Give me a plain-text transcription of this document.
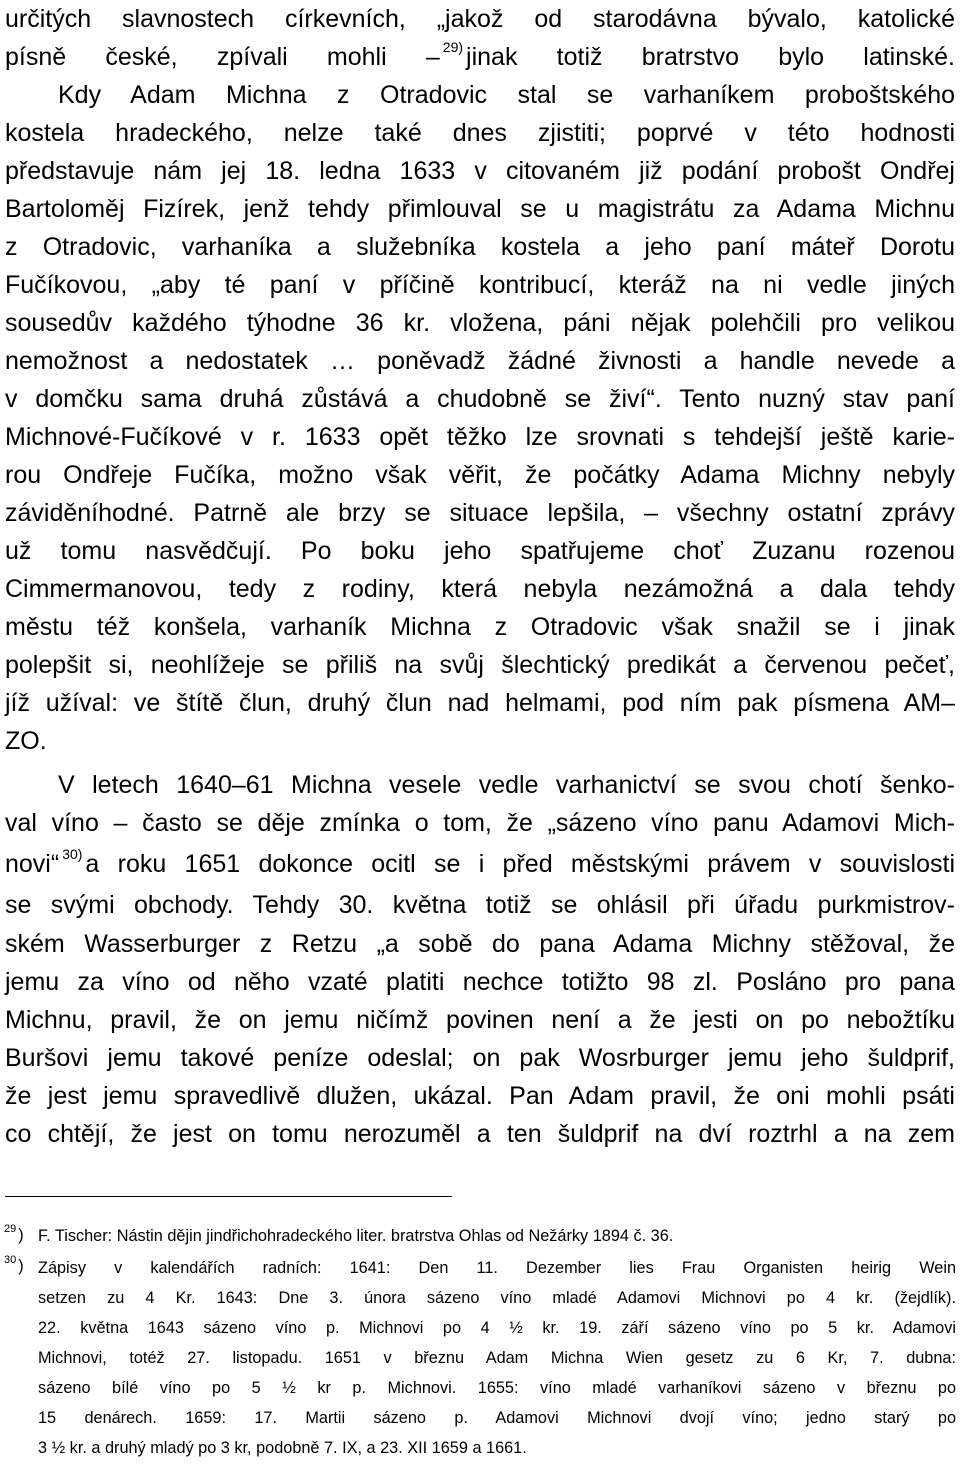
určitých slavnostech církevních, „jakož od starodávna bývalo, katolické
písně české, zpívali mohli – $^{29)}$ jinak totiž bratrstvo bylo latinské.
Kdy Adam Michna z Otradovic stal se varhaníkem proboštského
kostela hradeckého, nelze také dnes zjistiti; poprvé v této hodnosti
představuje nám jej 18. ledna 1633 v citovaném již podání probošt Ondřej
Bartoloměj Fizírek, jenž tehdy přimlouval se u magistrátu za Adama Michnu
z Otradovic, varhaníka a služebníka kostela a jeho paní máteř Dorotu
Fučíkovou, „aby té paní v příčině kontribucí, kteráž na ni vedle jiných
sousedův každého týhodne 36 kr. vložena, páni nějak polehčili pro velikou
nemožnost a nedostatek … poněvadž žádné živnosti a handle nevede a
v domčku sama druhá zůstává a chudobně se živí“. Tento nuzný stav paní
Michnové-Fučíkové v r. 1633 opět těžko lze srovnati s tehdejší ještě karie-
rou Ondřeje Fučíka, možno však věřit, že počátky Adama Michny nebyly
záviděníhodné. Patrně ale brzy se situace lepšila, – všechny ostatní zprávy
už tomu nasvědčují. Po boku jeho spatřujeme choť Zuzanu rozenou
Cimmermanovou, tedy z rodiny, která nebyla nezámožná a dala tehdy
městu též konšela, varhaník Michna z Otradovic však snažil se i jinak
polepšit si, neohlížeje se přiliš na svůj šlechtický predikát a červenou pečeť,
jíž užíval: ve štítě člun, druhý člun nad helmami, pod ním pak písmena AM–
ZO.
V letech 1640–61 Michna vesele vedle varhanictví se svou chotí šenko-
val víno – často se děje zmínka o tom, že „sázeno víno panu Adamovi Mich-
novi“ $^{30)}$ a roku 1651 dokonce ocitl se i před městskými právem v souvislosti
se svými obchody. Tehdy 30. května totiž se ohlásil při úřadu purkmistrov-
ském Wasserburger z Retzu „a sobě do pana Adama Michny stěžoval, že
jemu za víno od něho vzaté platiti nechce totižto 98 zl. Posláno pro pana
Michnu, pravil, že on jemu ničímž povinen není a že jesti on po nebožtíku
Buršovi jemu takové peníze odeslal; on pak Wosrburger jemu jeho šuldprif,
že jest jemu spravedlivě dlužen, ukázal. Pan Adam pravil, že oni mohli psáti
co chtějí, že jest on tomu nerozuměl a ten šuldprif na dví roztrhl a na zem
$^{29}$ ) F. Tischer: Nástin dějin jindřichohradeckého liter. bratrstva Ohlas od Nežárky 1894 č. 36.
$^{30}$ ) Zápisy v kalendářích radních: 1641: Den 11. Dezember lies Frau Organisten heirig Wein
setzen zu 4 Kr. 1643: Dne 3. února sázeno víno mladé Adamovi Michnovi po 4 kr. (žejdlík).
22. května 1643 sázeno víno p. Michnovi po 4 ½ kr. 19. září sázeno víno po 5 kr. Adamovi
Michnovi, totéž 27. listopadu. 1651 v březnu Adam Michna Wien gesetz zu 6 Kr, 7. dubna:
sázeno bílé víno po 5 ½ kr p. Michnovi. 1655: víno mladé varhaníkovi sázeno v březnu po
15 denárech. 1659: 17. Martii sázeno p. Adamovi Michnovi dvojí víno; jedno starý po
3 ½ kr. a druhý mladý po 3 kr, podobně 7. IX, a 23. XII 1659 a 1661.
